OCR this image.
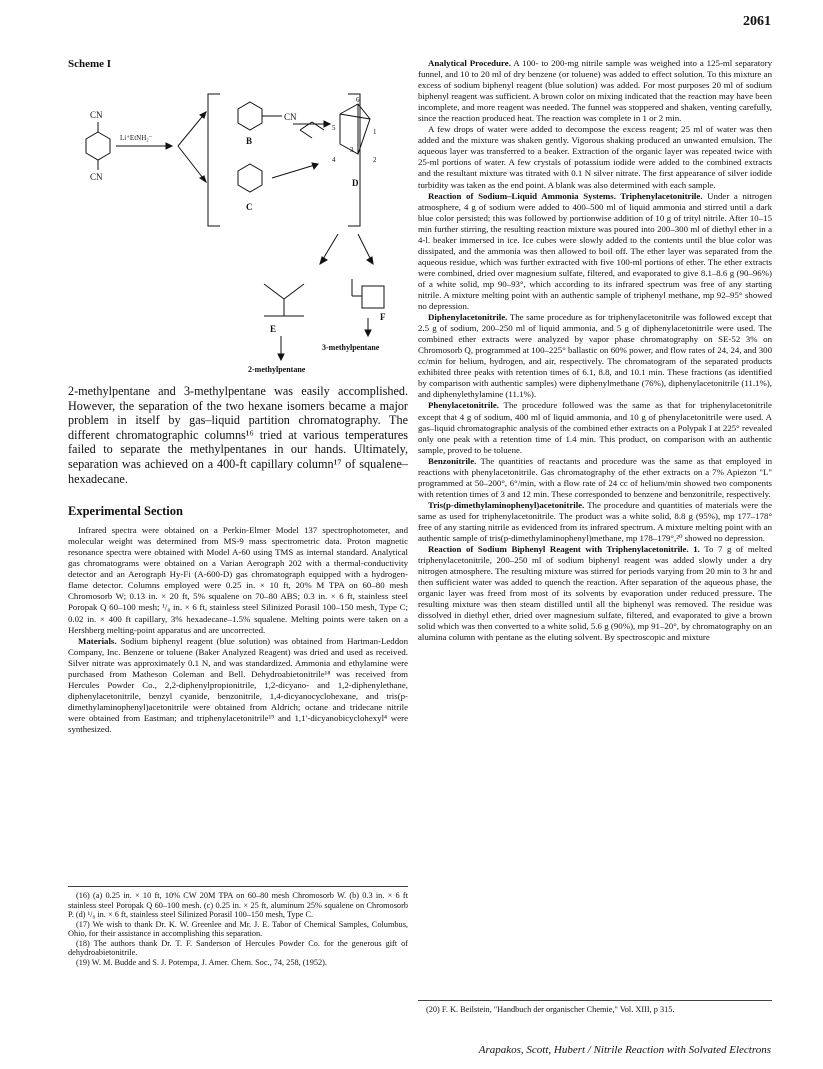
2061
Scheme I
CN
CN
Li⁺EtNH₂⁻
CN
B
C
D
E
F
1
2
3
4
5
6
3-methylpentane
2-methylpentane

2-methylpentane and 3-methylpentane was easily accomplished. However, the separation of the two hexane isomers became a major problem in itself by gas–liquid partition chromatography. The different chromatographic columns¹⁶ tried at various temperatures failed to separate the methylpentanes in our hands. Ultimately, separation was achieved on a 400-ft capillary column¹⁷ of squalene–hexadecane.

Experimental Section

Infrared spectra were obtained on a Perkin-Elmer Model 137 spectrophotometer, and molecular weight was determined from MS-9 mass spectrometric data. Proton magnetic resonance spectra were obtained with Model A-60 using TMS as internal standard. Analytical gas chromatograms were obtained on a Varian Aerograph 202 with a thermal-conductivity detector and an Aerograph Hy-Fi (A-600-D) gas chromatograph equipped with a hydrogen-flame detector. Columns employed were 0.25 in. × 10 ft, 20% M TPA on 60–80 mesh Chromosorb W; 0.13 in. × 20 ft, 5% squalene on 70–80 ABS; 0.3 in. × 6 ft, stainless steel Poropak Q 60–100 mesh; ¹/₈ in. × 6 ft, stainless steel Silinized Porasil 100–150 mesh, Type C; 0.02 in. × 400 ft capillary, 3% hexadecane–1.5% squalene. Melting points were taken on a Hershberg melting-point apparatus and are uncorrected.

Materials. Sodium biphenyl reagent (blue solution) was obtained from Hartman-Leddon Company, Inc. Benzene or toluene (Baker Analyzed Reagent) was dried and used as received. Silver nitrate was approximately 0.1 N, and was standardized. Ammonia and ethylamine were purchased from Matheson Coleman and Bell. Dehydroabietonitrile¹⁸ was received from Hercules Powder Co., 2,2-diphenylpropionitrile, 1,2-dicyano- and 1,2-diphenylethane, diphenylacetonitrile, benzyl cyanide, benzonitrile, 1,4-dicyanocyclohexane, and tris(p-dimethylaminophenyl)acetonitrile were obtained from Aldrich; octane and tridecane nitrile were obtained from Eastman; and triphenylacetonitrile¹⁹ and 1,1′-dicyanobicyclohexyl⁴ were synthesized.

(16) (a) 0.25 in. × 10 ft, 10% CW 20M TPA on 60–80 mesh Chromosorb W. (b) 0.3 in. × 6 ft stainless steel Poropak Q 60–100 mesh. (c) 0.25 in. × 25 ft, aluminum 25% squalene on Chromosorb P. (d) ¹/₈ in. × 6 ft, stainless steel Silinized Porasil 100–150 mesh, Type C.

(17) We wish to thank Dr. K. W. Greenlee and Mr. J. E. Tabor of Chemical Samples, Columbus, Ohio, for their assistance in accomplishing this separation.

(18) The authors thank Dr. T. F. Sanderson of Hercules Powder Co. for the generous gift of dehydroabietonitrile.

(19) W. M. Budde and S. J. Potempa, J. Amer. Chem. Soc., 74, 258, (1952).

Analytical Procedure. A 100- to 200-mg nitrile sample was weighed into a 125-ml separatory funnel, and 10 to 20 ml of dry benzene (or toluene) was added to effect solution. To this mixture an excess of sodium biphenyl reagent (blue solution) was added. For most purposes 20 ml of sodium biphenyl reagent was sufficient. A brown color on mixing indicated that the reaction may have been incomplete, and more reagent was needed. The funnel was stoppered and shaken, venting carefully, since the reaction produced heat. The reaction was complete in 1 or 2 min.

A few drops of water were added to decompose the excess reagent; 25 ml of water was then added and the mixture was shaken gently. Vigorous shaking produced an unwanted emulsion. The aqueous layer was transferred to a beaker. Extraction of the organic layer was repeated twice with 25-ml portions of water. A few crystals of potassium iodide were added to the combined extracts and the resultant mixture was titrated with 0.1 N silver nitrate. The first appearance of silver iodide turbidity was taken as the end point. A blank was also determined with each sample.

Reaction of Sodium–Liquid Ammonia Systems. Triphenylacetonitrile. Under a nitrogen atmosphere, 4 g of sodium were added to 400–500 ml of liquid ammonia and stirred until a dark blue color persisted; this was followed by portionwise addition of 10 g of trityl nitrile. After 10–15 min further stirring, the resulting reaction mixture was poured into 200–300 ml of diethyl ether in a 4-l. beaker immersed in ice. Ice cubes were slowly added to the contents until the blue color was dissipated, and the ammonia was then allowed to boil off. The ether layer was separated from the aqueous residue, which was further extracted with five 100-ml portions of ether. The ether extracts were combined, dried over magnesium sulfate, filtered, and evaporated to give 8.1–8.6 g (90–96%) of a white solid, mp 90–93°, which according to its infrared spectrum was free of any starting nitrile. A mixture melting point with an authentic sample of triphenyl methane, mp 92–95° showed no depression.

Diphenylacetonitrile. The same procedure as for triphenylacetonitrile was followed except that 2.5 g of sodium, 200–250 ml of liquid ammonia, and 5 g of diphenylacetonitrile were used. The combined ether extracts were analyzed by vapor phase chromatography on SE-52 3% on Chromosorb Q, programmed at 100–225° ballastic on 60% power, and flow rates of 24, 24, and 300 cc/min for helium, hydrogen, and air, respectively. The chromatogram of the separated products exhibited three peaks with retention times of 6.1, 8.8, and 10.1 min. These fractions (as identified by comparison with authentic samples) were diphenylmethane (76%), diphenylacetonitrile (11.1%), and diphenylethylamine (11.1%).

Phenylacetonitrile. The procedure followed was the same as that for triphenylacetonitrile except that 4 g of sodium, 400 ml of liquid ammonia, and 10 g of phenylacetonitrile were used. A gas–liquid chromatographic analysis of the combined ether extracts on a Polypak I at 225° revealed only one peak with a retention time of 1.4 min. This product, on comparison with an authentic sample, proved to be toluene.

Benzonitrile. The quantities of reactants and procedure was the same as that employed in reactions with phenylacetonitrile. Gas chromatography of the ether extracts on a 7% Apiezon "L" programmed at 50–200°, 6°/min, with a flow rate of 24 cc of helium/min showed two components with retention times of 3 and 12 min. These corresponded to benzene and benzonitrile, respectively.

Tris(p-dimethylaminophenyl)acetonitrile. The procedure and quantities of materials were the same as used for triphenylacetonitrile. The product was a white solid, 8.8 g (95%), mp 177–178° free of any starting nitrile as evidenced from its infrared spectrum. A mixture melting point with an authentic sample of tris(p-dimethylaminophenyl)methane, mp 178–179°,²⁰ showed no depression.

Reaction of Sodium Biphenyl Reagent with Triphenylacetonitrile. 1. To 7 g of melted triphenylacetonitrile, 200–250 ml of sodium biphenyl reagent was added slowly under a dry nitrogen atmosphere. The resulting mixture was stirred for periods varying from 20 min to 3 hr and then sufficient water was added to quench the reaction. After separation of the aqueous phase, the organic layer was freed from most of its solvents by evaporation under reduced pressure. The resulting mixture was then steam distilled until all the biphenyl was removed. The residue was dissolved in diethyl ether, dried over magnesium sulfate, filtered, and evaporated to give a brown solid which was then converted to a white solid, 5.6 g (90%), mp 91–20°, by chromatography on an alumina column with pentane as the eluting solvent. By spectroscopic and mixture

(20) F. K. Beilstein, "Handbuch der organischer Chemie," Vol. XIII, p 315.

Arapakos, Scott, Hubert / Nitrile Reaction with Solvated Electrons
